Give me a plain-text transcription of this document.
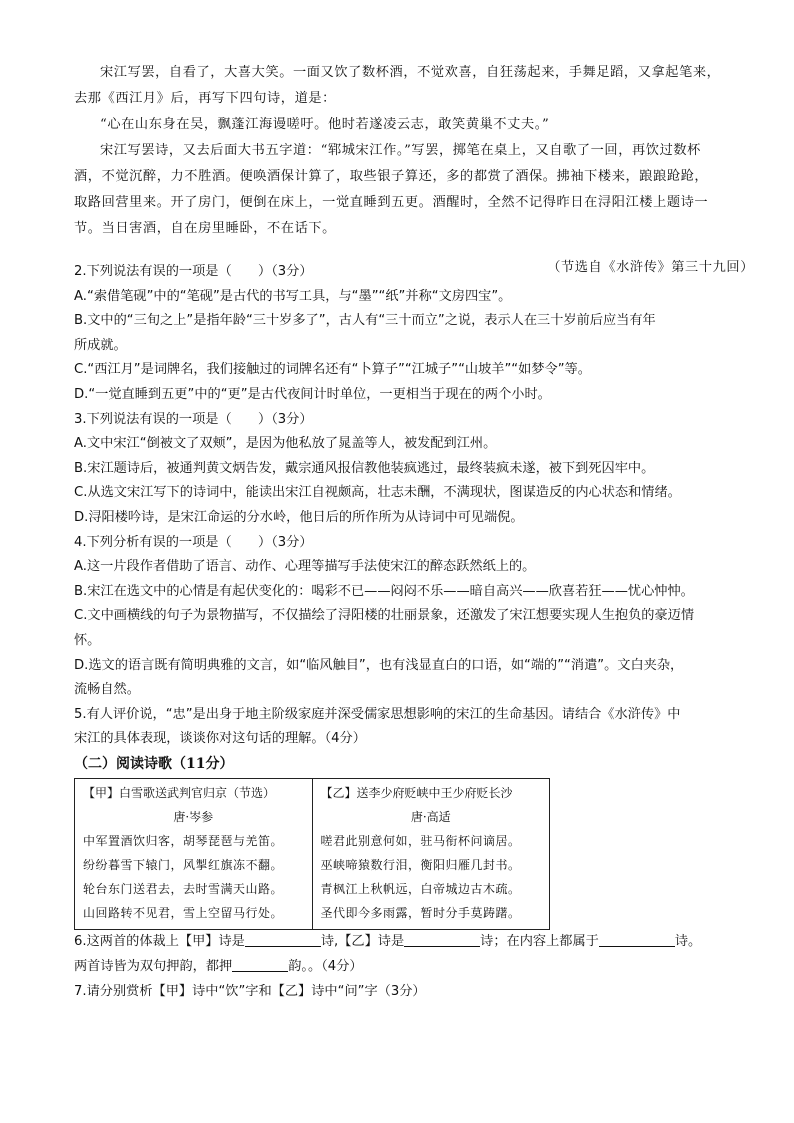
宋江写罢，自看了，大喜大笑。一面又饮了数杯酒，不觉欢喜，自狂荡起来，手舞足蹈，又拿起笔来，

去那《西江月》后，再写下四句诗，道是：

“心在山东身在吴，飘蓬江海谩嗟吁。他时若遂凌云志，敢笑黄巢不丈夫。”

宋江写罢诗，又去后面大书五字道：“郓城宋江作。”写罢，掷笔在桌上，又自歌了一回，再饮过数杯

酒，不觉沉醉，力不胜酒。便唤酒保计算了，取些银子算还，多的都赏了酒保。拂袖下楼来，踉踉跄跄，

取路回营里来。开了房门，便倒在床上，一觉直睡到五更。酒醒时，全然不记得昨日在浔阳江楼上题诗一

节。当日害酒，自在房里睡卧，不在话下。

（节选自《水浒传》第三十九回）

2.下列说法有误的一项是（　　）（3分）

A.“索借笔砚”中的“笔砚”是古代的书写工具，与“墨”“纸”并称“文房四宝”。

B.文中的“三旬之上”是指年龄“三十岁多了”，古人有“三十而立”之说，表示人在三十岁前后应当有年

所成就。

C.“西江月”是词牌名，我们接触过的词牌名还有“卜算子”“江城子”“山坡羊”“如梦令”等。

D.“一觉直睡到五更”中的“更”是古代夜间计时单位，一更相当于现在的两个小时。

3.下列说法有误的一项是（　　）（3分）

A.文中宋江“倒被文了双颊”，是因为他私放了晁盖等人，被发配到江州。

B.宋江题诗后，被通判黄文炳告发，戴宗通风报信教他装疯逃过，最终装疯未遂，被下到死囚牢中。

C.从选文宋江写下的诗词中，能读出宋江自视颇高，壮志未酬，不满现状，图谋造反的内心状态和情绪。

D.浔阳楼吟诗，是宋江命运的分水岭，他日后的所作所为从诗词中可见端倪。

4.下列分析有误的一项是（　　）（3分）

A.这一片段作者借助了语言、动作、心理等描写手法使宋江的醉态跃然纸上的。

B.宋江在选文中的心情是有起伏变化的：喝彩不已——闷闷不乐——暗自高兴——欣喜若狂——忧心忡忡。

C.文中画横线的句子为景物描写，不仅描绘了浔阳楼的壮丽景象，还激发了宋江想要实现人生抱负的豪迈情

怀。

D.选文的语言既有简明典雅的文言，如“临风触目”，也有浅显直白的口语，如“端的”“消遣”。文白夹杂，

流畅自然。

5.有人评价说，“忠”是出身于地主阶级家庭并深受儒家思想影响的宋江的生命基因。请结合《水浒传》中

宋江的具体表现，谈谈你对这句话的理解。（4分）

（二）阅读诗歌（11分）

【甲】白雪歌送武判官归京（节选）
唐·岑参
中军置酒饮归客，胡琴琵琶与羌笛。
纷纷暮雪下辕门，风掣红旗冻不翻。
轮台东门送君去，去时雪满天山路。
山回路转不见君，雪上空留马行处。

【乙】送李少府贬峡中王少府贬长沙
唐·高适
嗟君此别意何如，驻马衔杯问谪居。
巫峡啼猿数行泪，衡阳归雁几封书。
青枫江上秋帆远，白帝城边古木疏。
圣代即今多雨露，暂时分手莫踌躇。

6.这两首的体裁上【甲】诗是	诗,【乙】诗是	诗；在内容上都属于	诗。

两首诗皆为双句押韵，都押	韵。。（4分）

7.请分别赏析【甲】诗中“饮”字和【乙】诗中“问”字（3分）
